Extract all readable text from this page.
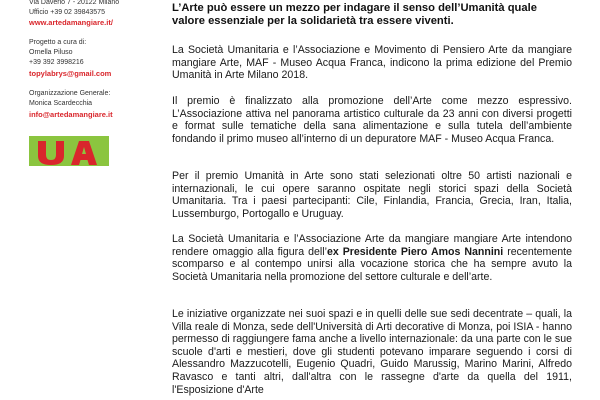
Via Daverio 7 - 20122 Milano
Ufficio +39 02 39843575
www.artedamangiare.it/
Progetto a cura di:
Ornella Piluso
+39 392 3998216
topylabrys@gmail.com
Organizzazione Generale:
Monica Scardecchia
info@artedamangiare.it

L’Arte può essere un mezzo per indagare il senso dell’Umanità quale valore essenziale per la solidarietà tra essere viventi.

La Società Umanitaria e l’Associazione e Movimento di Pensiero Arte da mangiare mangiare Arte, MAF - Museo Acqua Franca, indicono la prima edizione del Premio Umanità in Arte Milano 2018.

Il premio è finalizzato alla promozione dell’Arte come mezzo espressivo. L’Associazione attiva nel panorama artistico culturale da 23 anni con diversi progetti e format sulle tematiche della sana alimentazione e sulla tutela dell’ambiente fondando il primo museo all’interno di un depuratore MAF - Museo Acqua Franca.

Per il premio Umanità in Arte sono stati selezionati oltre 50 artisti nazionali e internazionali, le cui opere saranno ospitate negli storici spazi della Società Umanitaria. Tra i paesi partecipanti: Cile, Finlandia, Francia, Grecia, Iran, Italia, Lussemburgo, Portogallo e Uruguay.

La Società Umanitaria e l’Associazione Arte da mangiare mangiare Arte intendono rendere omaggio alla figura dell’ex Presidente Piero Amos Nannini recentemente scomparso e al contempo unirsi alla vocazione storica che ha sempre avuto la Società Umanitaria nella promozione del settore culturale e dell’arte.

Le iniziative organizzate nei suoi spazi e in quelli delle sue sedi decentrate – quali, la Villa reale di Monza, sede dell'Università di Arti decorative di Monza, poi ISIA - hanno permesso di raggiungere fama anche a livello internazionale: da una parte con le sue scuole d'arti e mestieri, dove gli studenti potevano imparare seguendo i corsi di Alessandro Mazzucotelli, Eugenio Quadri, Guido Marussig, Marino Marini, Alfredo Ravasco e tanti altri, dall'altra con le rassegne d'arte da quella del 1911, l'Esposizione d'Arte
